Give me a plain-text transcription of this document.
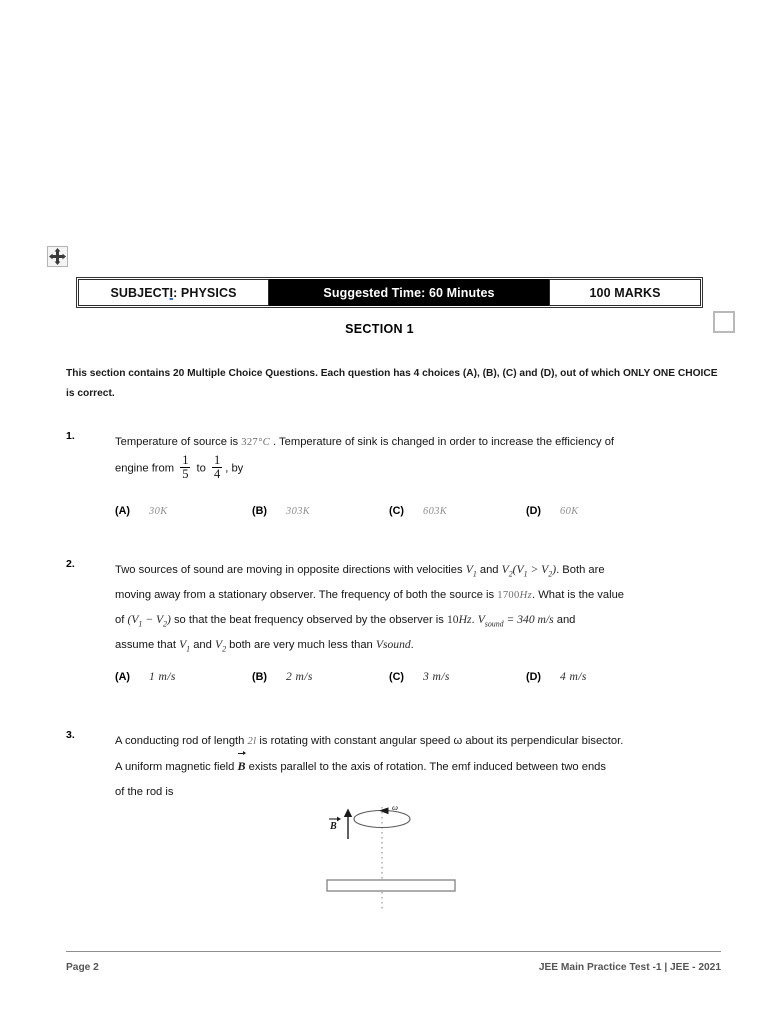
SUBJECT I : PHYSICS	Suggested Time: 60 Minutes	100 MARKS
SECTION 1
This section contains 20 Multiple Choice Questions. Each question has 4 choices (A), (B), (C) and (D), out of which ONLY ONE CHOICE is correct.
1.	Temperature of source is 327°C . Temperature of sink is changed in order to increase the efficiency of
engine from $\frac{1}{5}$ to $\frac{1}{4}$ , by
(A)	30K	(B)	303K	(C)	603K	(D)	60K
2.	Two sources of sound are moving in opposite directions with velocities $V_1$ and $V_2(V_1 > V_2)$. Both are
moving away from a stationary observer. The frequency of both the source is 1700Hz. What is the value
of $(V_1 - V_2)$ so that the beat frequency observed by the observer is 10Hz. $V_{sound} = 340$ m/s and
assume that $V_1$ and $V_2$ both are very much less than Vsound.
(A)	1 m/s	(B)	2 m/s	(C)	3 m/s	(D)	4 m/s
3.	A conducting rod of length 2l is rotating with constant angular speed ω about its perpendicular bisector.
A uniform magnetic field B exists parallel to the axis of rotation. The emf induced between two ends
of the rod is
ω
B
Page 2	JEE Main Practice Test -1 | JEE - 2021
